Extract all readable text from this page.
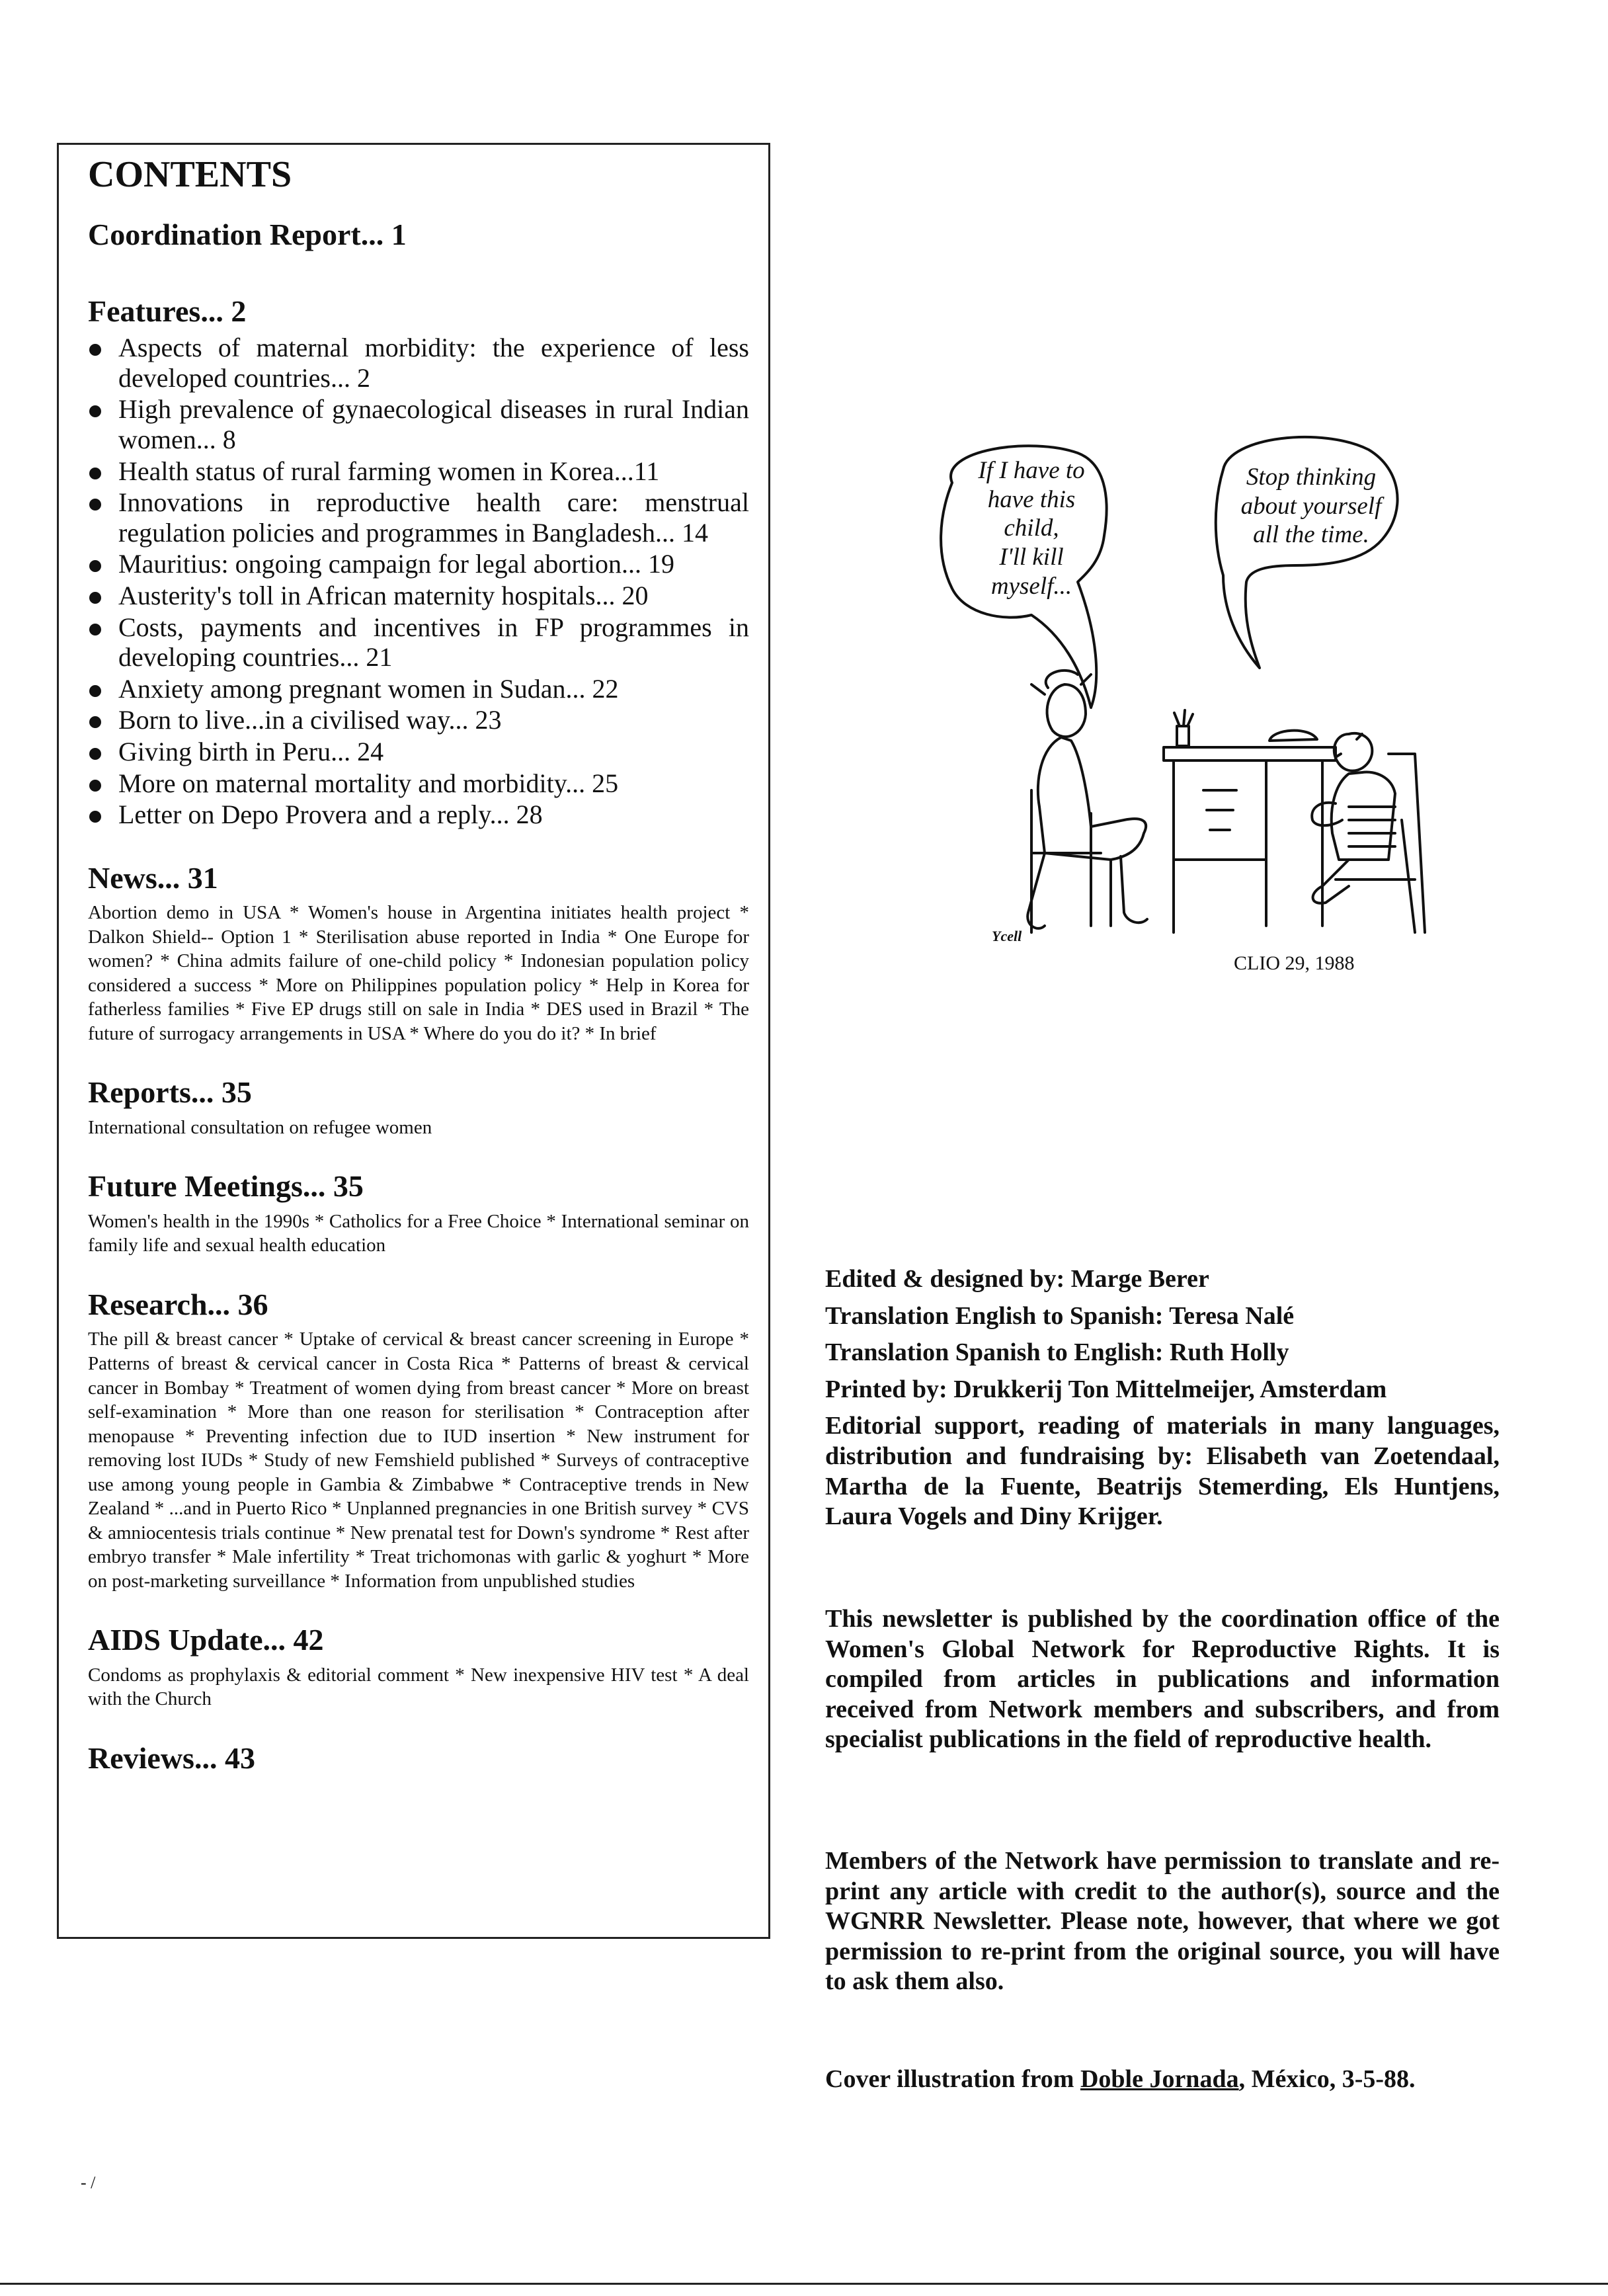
CONTENTS
Coordination Report... 1
Features... 2
Aspects of maternal morbidity: the experience of less developed countries... 2
High prevalence of gynaecological diseases in rural Indian women... 8
Health status of rural farming women in Korea...11
Innovations in reproductive health care: menstrual regulation policies and programmes in Bangladesh... 14
Mauritius: ongoing campaign for legal abortion... 19
Austerity's toll in African maternity hospitals... 20
Costs, payments and incentives in FP programmes in developing countries... 21
Anxiety among pregnant women in Sudan... 22
Born to live...in a civilised way... 23
Giving birth in Peru... 24
More on maternal mortality and morbidity... 25
Letter on Depo Provera and a reply... 28
News... 31

Abortion demo in USA * Women's house in Argentina initiates health project * Dalkon Shield-- Option 1 * Sterilisation abuse reported in India * One Europe for women? * China admits failure of one-child policy * Indonesian population policy considered a success * More on Philippines population policy * Help in Korea for fatherless families * Five EP drugs still on sale in India * DES used in Brazil * The future of surrogacy arrangements in USA * Where do you do it? * In brief

Reports... 35

International consultation on refugee women

Future Meetings... 35

Women's health in the 1990s * Catholics for a Free Choice * International seminar on family life and sexual health education

Research... 36

The pill & breast cancer * Uptake of cervical & breast cancer screening in Europe * Patterns of breast & cervical cancer in Costa Rica * Patterns of breast & cervical cancer in Bombay * Treatment of women dying from breast cancer * More on breast self-examination * More than one reason for sterilisation * Contraception after menopause * Preventing infection due to IUD insertion * New instrument for removing lost IUDs * Study of new Femshield published * Surveys of contraceptive use among young people in Gambia & Zimbabwe * Contraceptive trends in New Zealand * ...and in Puerto Rico * Unplanned pregnancies in one British survey * CVS & amniocentesis trials continue * New prenatal test for Down's syndrome * Rest after embryo transfer * Male infertility * Treat trichomonas with garlic & yoghurt * More on post-marketing surveillance * Information from unpublished studies

AIDS Update... 42

Condoms as prophylaxis & editorial comment * New inexpensive HIV test * A deal with the Church

Reviews... 43
If I have to
have this child,
I'll kill myself...
Stop thinking
about yourself
all the time.
Ycell
CLIO 29, 1988

Edited & designed by: Marge Berer

Translation English to Spanish: Teresa Nalé

Translation Spanish to English: Ruth Holly

Printed by: Drukkerij Ton Mittelmeijer, Amsterdam

Editorial support, reading of materials in many languages, distribution and fundraising by: Elisabeth van Zoetendaal, Martha de la Fuente, Beatrijs Stemerding, Els Huntjens, Laura Vogels and Diny Krijger.

This newsletter is published by the coordination office of the Women's Global Network for Reproductive Rights. It is compiled from articles in publications and information received from Network members and subscribers, and from specialist publications in the field of reproductive health.

Members of the Network have permission to translate and re-print any article with credit to the author(s), source and the WGNRR Newsletter. Please note, however, that where we got permission to re-print from the original source, you will have to ask them also.

Cover illustration from Doble Jornada, México, 3-5-88.

- /
